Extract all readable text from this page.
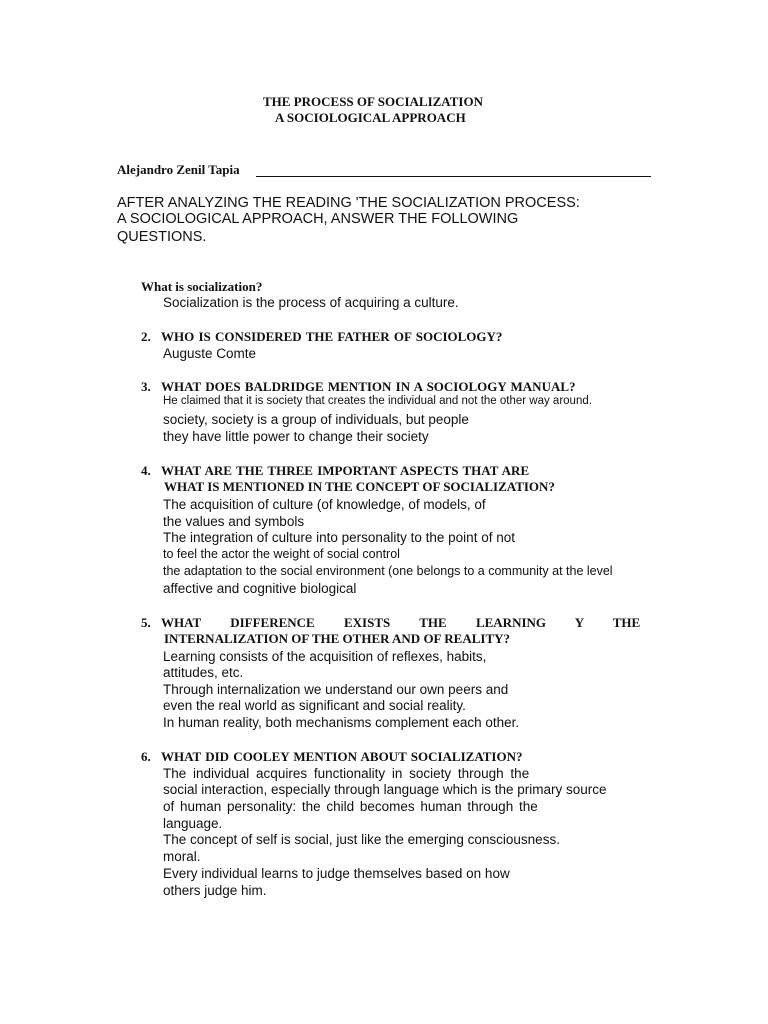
THE PROCESS OF SOCIALIZATION
A SOCIOLOGICAL APPROACH
Alejandro Zenil Tapia
AFTER ANALYZING THE READING 'THE SOCIALIZATION PROCESS:
A SOCIOLOGICAL APPROACH, ANSWER THE FOLLOWING
QUESTIONS.
What is socialization?
Socialization is the process of acquiring a culture.
2. WHO IS CONSIDERED THE FATHER OF SOCIOLOGY?
Auguste Comte
3. WHAT DOES BALDRIDGE MENTION IN A SOCIOLOGY MANUAL?
He claimed that it is society that creates the individual and not the other way around.
society, society is a group of individuals, but people
they have little power to change their society
4. WHAT ARE THE THREE IMPORTANT ASPECTS THAT ARE
WHAT IS MENTIONED IN THE CONCEPT OF SOCIALIZATION?
The acquisition of culture (of knowledge, of models, of
the values and symbols
The integration of culture into personality to the point of not
to feel the actor the weight of social control
the adaptation to the social environment (one belongs to a community at the level
affective and cognitive biological
5. WHAT DIFFERENCE EXISTS THE LEARNING Y THE
INTERNALIZATION OF THE OTHER AND OF REALITY?
Learning consists of the acquisition of reflexes, habits,
attitudes, etc.
Through internalization we understand our own peers and
even the real world as significant and social reality.
In human reality, both mechanisms complement each other.
6. WHAT DID COOLEY MENTION ABOUT SOCIALIZATION?
The individual acquires functionality in society through the
social interaction, especially through language which is the primary source
of human personality: the child becomes human through the
language.
The concept of self is social, just like the emerging consciousness.
moral.
Every individual learns to judge themselves based on how
others judge him.
